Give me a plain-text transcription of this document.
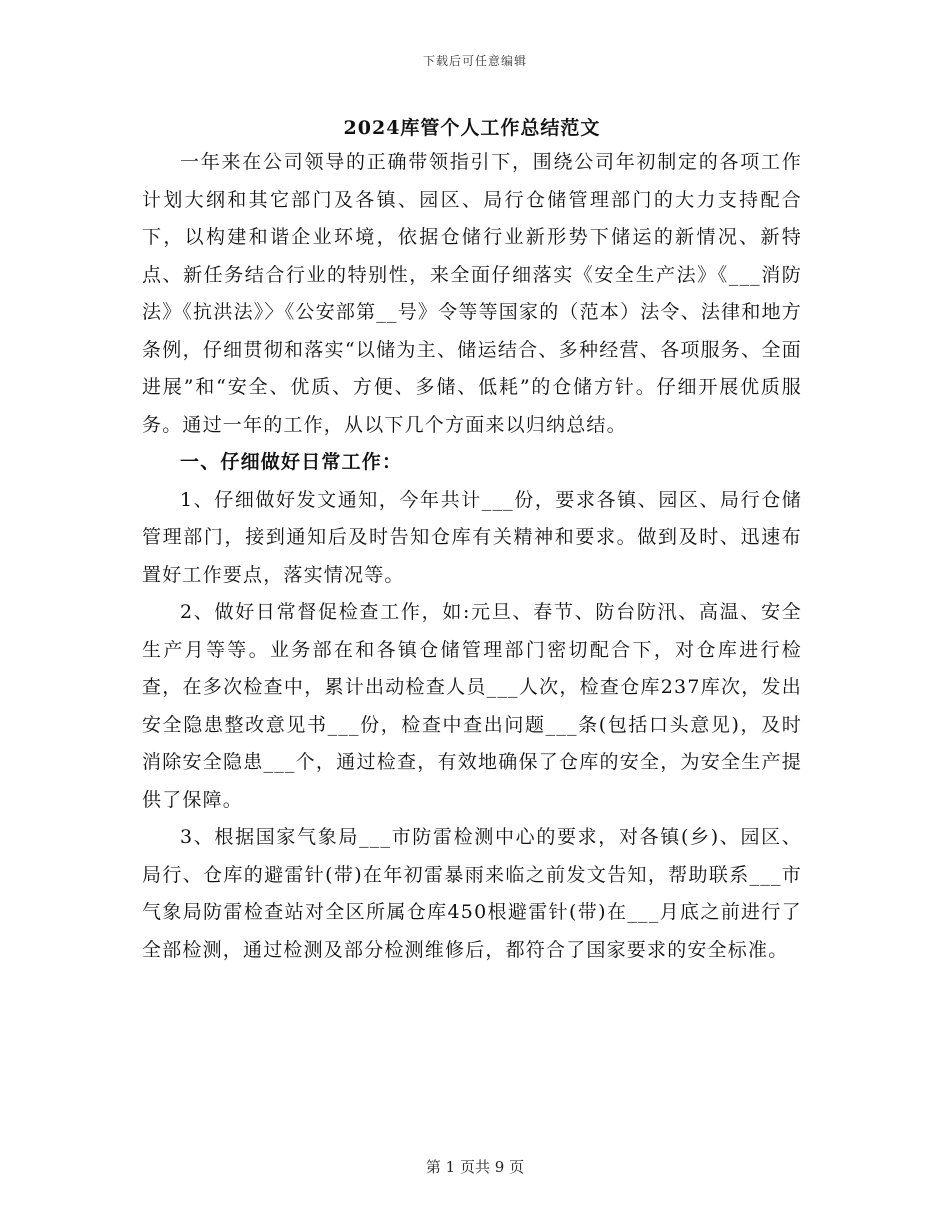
下载后可任意编辑
2024库管个人工作总结范文

一年来在公司领导的正确带领指引下，围绕公司年初制定的各项工作计划大纲和其它部门及各镇、园区、局行仓储管理部门的大力支持配合下，以构建和谐企业环境，依据仓储行业新形势下储运的新情况、新特点、新任务结合行业的特别性，来全面仔细落实《安全生产法》《___消防法》《抗洪法》〉《公安部第__号》令等等国家的（范本）法令、法律和地方条例，仔细贯彻和落实“以储为主、储运结合、多种经营、各项服务、全面进展”和“安全、优质、方便、多储、低耗”的仓储方针。仔细开展优质服务。通过一年的工作，从以下几个方面来以归纳总结。

一、仔细做好日常工作：

1、仔细做好发文通知，今年共计___份，要求各镇、园区、局行仓储管理部门，接到通知后及时告知仓库有关精神和要求。做到及时、迅速布置好工作要点，落实情况等。

2、做好日常督促检查工作，如:元旦、春节、防台防汛、高温、安全生产月等等。业务部在和各镇仓储管理部门密切配合下，对仓库进行检查，在多次检查中，累计出动检查人员___人次，检查仓库237库次，发出安全隐患整改意见书___份，检查中查出问题___条(包括口头意见)，及时消除安全隐患___个，通过检查，有效地确保了仓库的安全，为安全生产提供了保障。

3、根据国家气象局___市防雷检测中心的要求，对各镇(乡)、园区、局行、仓库的避雷针(带)在年初雷暴雨来临之前发文告知，帮助联系___市气象局防雷检查站对全区所属仓库450根避雷针(带)在___月底之前进行了全部检测，通过检测及部分检测维修后，都符合了国家要求的安全标准。

第 1 页共 9 页
